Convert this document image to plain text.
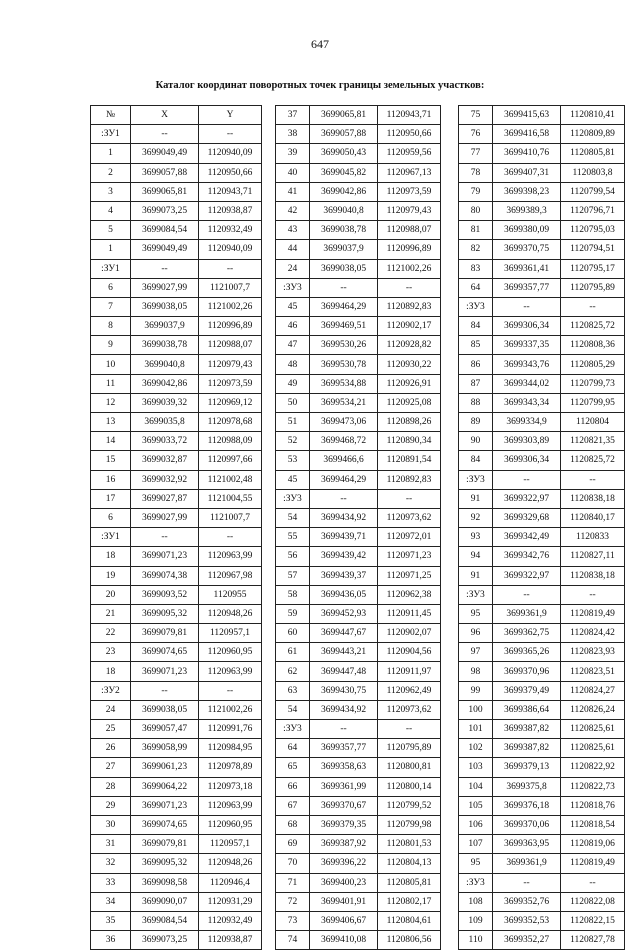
647
Каталог координат поворотных точек границы земельных участков:
№	X	Y
:ЗУ1	--	--
1	3699049,49	1120940,09
2	3699057,88	1120950,66
3	3699065,81	1120943,71
4	3699073,25	1120938,87
5	3699084,54	1120932,49
1	3699049,49	1120940,09
:ЗУ1	--	--
6	3699027,99	1121007,7
7	3699038,05	1121002,26
8	3699037,9	1120996,89
9	3699038,78	1120988,07
10	3699040,8	1120979,43
11	3699042,86	1120973,59
12	3699039,32	1120969,12
13	3699035,8	1120978,68
14	3699033,72	1120988,09
15	3699032,87	1120997,66
16	3699032,92	1121002,48
17	3699027,87	1121004,55
6	3699027,99	1121007,7
:ЗУ1	--	--
18	3699071,23	1120963,99
19	3699074,38	1120967,98
20	3699093,52	1120955
21	3699095,32	1120948,26
22	3699079,81	1120957,1
23	3699074,65	1120960,95
18	3699071,23	1120963,99
:ЗУ2	--	--
24	3699038,05	1121002,26
25	3699057,47	1120991,76
26	3699058,99	1120984,95
27	3699061,23	1120978,89
28	3699064,22	1120973,18
29	3699071,23	1120963,99
30	3699074,65	1120960,95
31	3699079,81	1120957,1
32	3699095,32	1120948,26
33	3699098,58	1120946,4
34	3699090,07	1120931,29
35	3699084,54	1120932,49
36	3699073,25	1120938,87
37	3699065,81	1120943,71
38	3699057,88	1120950,66
39	3699050,43	1120959,56
40	3699045,82	1120967,13
41	3699042,86	1120973,59
42	3699040,8	1120979,43
43	3699038,78	1120988,07
44	3699037,9	1120996,89
24	3699038,05	1121002,26
:ЗУ3	--	--
45	3699464,29	1120892,83
46	3699469,51	1120902,17
47	3699530,26	1120928,82
48	3699530,78	1120930,22
49	3699534,88	1120926,91
50	3699534,21	1120925,08
51	3699473,06	1120898,26
52	3699468,72	1120890,34
53	3699466,6	1120891,54
45	3699464,29	1120892,83
:ЗУ3	--	--
54	3699434,92	1120973,62
55	3699439,71	1120972,01
56	3699439,42	1120971,23
57	3699439,37	1120971,25
58	3699436,05	1120962,38
59	3699452,93	1120911,45
60	3699447,67	1120902,07
61	3699443,21	1120904,56
62	3699447,48	1120911,97
63	3699430,75	1120962,49
54	3699434,92	1120973,62
:ЗУ3	--	--
64	3699357,77	1120795,89
65	3699358,63	1120800,81
66	3699361,99	1120800,14
67	3699370,67	1120799,52
68	3699379,35	1120799,98
69	3699387,92	1120801,53
70	3699396,22	1120804,13
71	3699400,23	1120805,81
72	3699401,91	1120802,17
73	3699406,67	1120804,61
74	3699410,08	1120806,56
75	3699415,63	1120810,41
76	3699416,58	1120809,89
77	3699410,76	1120805,81
78	3699407,31	1120803,8
79	3699398,23	1120799,54
80	3699389,3	1120796,71
81	3699380,09	1120795,03
82	3699370,75	1120794,51
83	3699361,41	1120795,17
64	3699357,77	1120795,89
:ЗУ3	--	--
84	3699306,34	1120825,72
85	3699337,35	1120808,36
86	3699343,76	1120805,29
87	3699344,02	1120799,73
88	3699343,34	1120799,95
89	3699334,9	1120804
90	3699303,89	1120821,35
84	3699306,34	1120825,72
:ЗУ3	--	--
91	3699322,97	1120838,18
92	3699329,68	1120840,17
93	3699342,49	1120833
94	3699342,76	1120827,11
91	3699322,97	1120838,18
:ЗУ3	--	--
95	3699361,9	1120819,49
96	3699362,75	1120824,42
97	3699365,26	1120823,93
98	3699370,96	1120823,51
99	3699379,49	1120824,27
100	3699386,64	1120826,24
101	3699387,82	1120825,61
102	3699387,82	1120825,61
103	3699379,13	1120822,92
104	3699375,8	1120822,73
105	3699376,18	1120818,76
106	3699370,06	1120818,54
107	3699363,95	1120819,06
95	3699361,9	1120819,49
:ЗУ3	--	--
108	3699352,76	1120822,08
109	3699352,53	1120822,15
110	3699352,27	1120827,78
